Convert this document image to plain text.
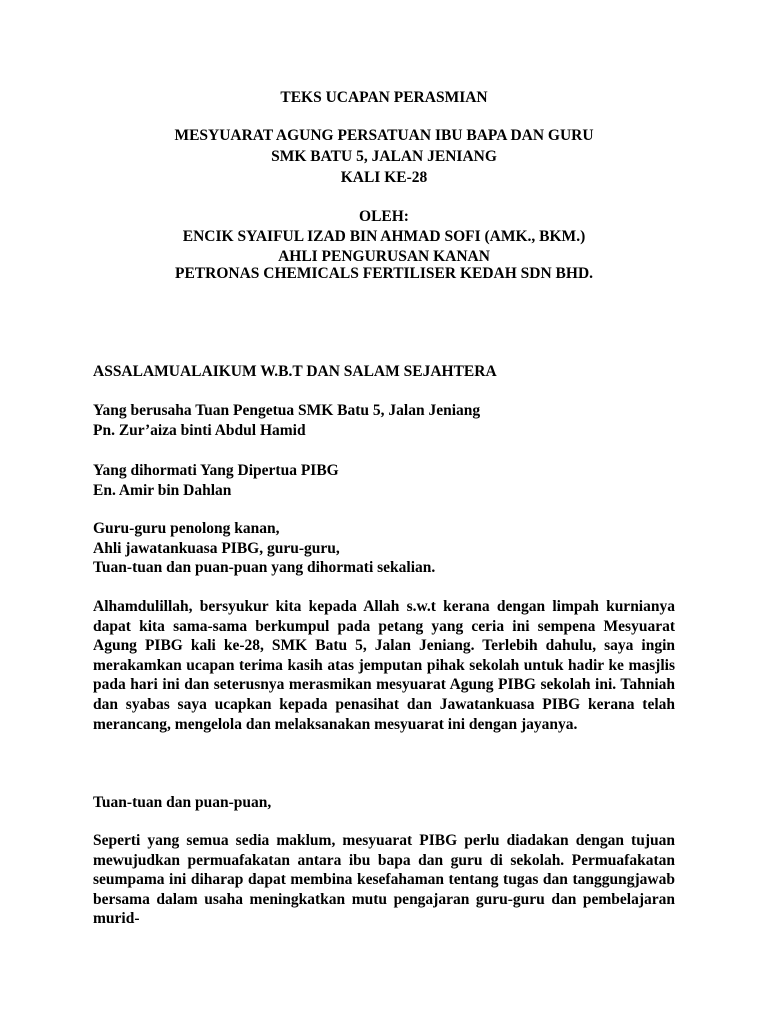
TEKS UCAPAN PERASMIAN
MESYUARAT AGUNG PERSATUAN IBU BAPA DAN GURU
SMK BATU 5, JALAN JENIANG
KALI KE-28
OLEH:
ENCIK SYAIFUL IZAD BIN AHMAD SOFI (AMK., BKM.)
AHLI PENGURUSAN KANAN
PETRONAS CHEMICALS FERTILISER KEDAH SDN BHD.
ASSALAMUALAIKUM W.B.T DAN SALAM SEJAHTERA
Yang berusaha Tuan Pengetua SMK Batu 5, Jalan Jeniang
Pn. Zur’aiza binti Abdul Hamid
Yang dihormati Yang Dipertua PIBG
En. Amir bin Dahlan
Guru-guru penolong kanan,
Ahli jawatankuasa PIBG, guru-guru,
Tuan-tuan dan puan-puan yang dihormati sekalian.
Alhamdulillah, bersyukur kita kepada Allah s.w.t kerana dengan limpah kurnianya dapat kita sama-sama berkumpul pada petang yang ceria ini sempena Mesyuarat Agung PIBG kali ke-28, SMK Batu 5, Jalan Jeniang. Terlebih dahulu, saya ingin merakamkan ucapan terima kasih atas jemputan pihak sekolah untuk hadir ke masjlis pada hari ini dan seterusnya merasmikan mesyuarat Agung PIBG sekolah ini. Tahniah dan syabas saya ucapkan kepada penasihat dan Jawatankuasa PIBG kerana telah merancang, mengelola dan melaksanakan mesyuarat ini dengan jayanya.
Tuan-tuan dan puan-puan,
Seperti yang semua sedia maklum, mesyuarat PIBG perlu diadakan dengan tujuan mewujudkan permuafakatan antara ibu bapa dan guru di sekolah. Permuafakatan seumpama ini diharap dapat membina kesefahaman tentang tugas dan tanggungjawab bersama dalam usaha meningkatkan mutu pengajaran guru-guru dan pembelajaran murid-
